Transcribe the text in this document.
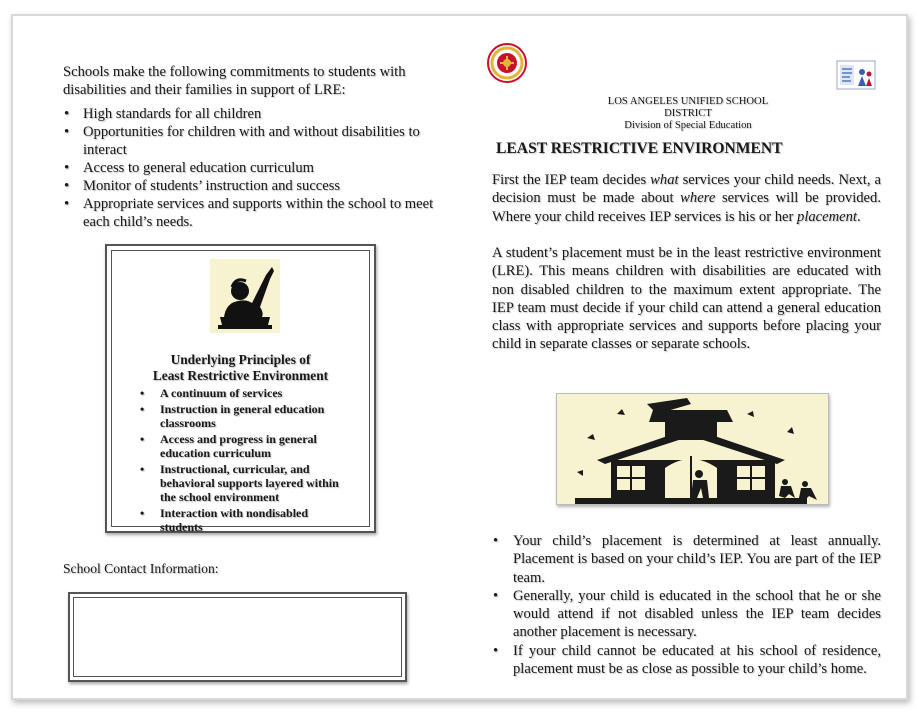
Schools make the following commitments to students with disabilities and their families in support of LRE:
• High standards for all children
• Opportunities for children with and without disabilities to interact
• Access to general education curriculum
• Monitor of students’ instruction and success
• Appropriate services and supports within the school to meet each child’s needs.
Underlying Principles of
Least Restrictive Environment
• A continuum of services
• Instruction in general education classrooms
• Access and progress in general education curriculum
• Instructional, curricular, and behavioral supports layered within the school environment
• Interaction with nondisabled students
School Contact Information:
LOS ANGELES UNIFIED SCHOOL DISTRICT
Division of Special Education
LEAST RESTRICTIVE ENVIRONMENT

First the IEP team decides what services your child needs. Next, a decision must be made about where services will be provided. Where your child receives IEP services is his or her placement.

A student’s placement must be in the least restrictive environment (LRE). This means children with disabilities are educated with non disabled children to the maximum extent appropriate. The IEP team must decide if your child can attend a general education class with appropriate services and supports before placing your child in separate classes or separate schools.

• Your child’s placement is determined at least annually. Placement is based on your child’s IEP. You are part of the IEP team.
• Generally, your child is educated in the school that he or she would attend if not disabled unless the IEP team decides another placement is necessary.
• If your child cannot be educated at his school of residence, placement must be as close as possible to your child’s home.
